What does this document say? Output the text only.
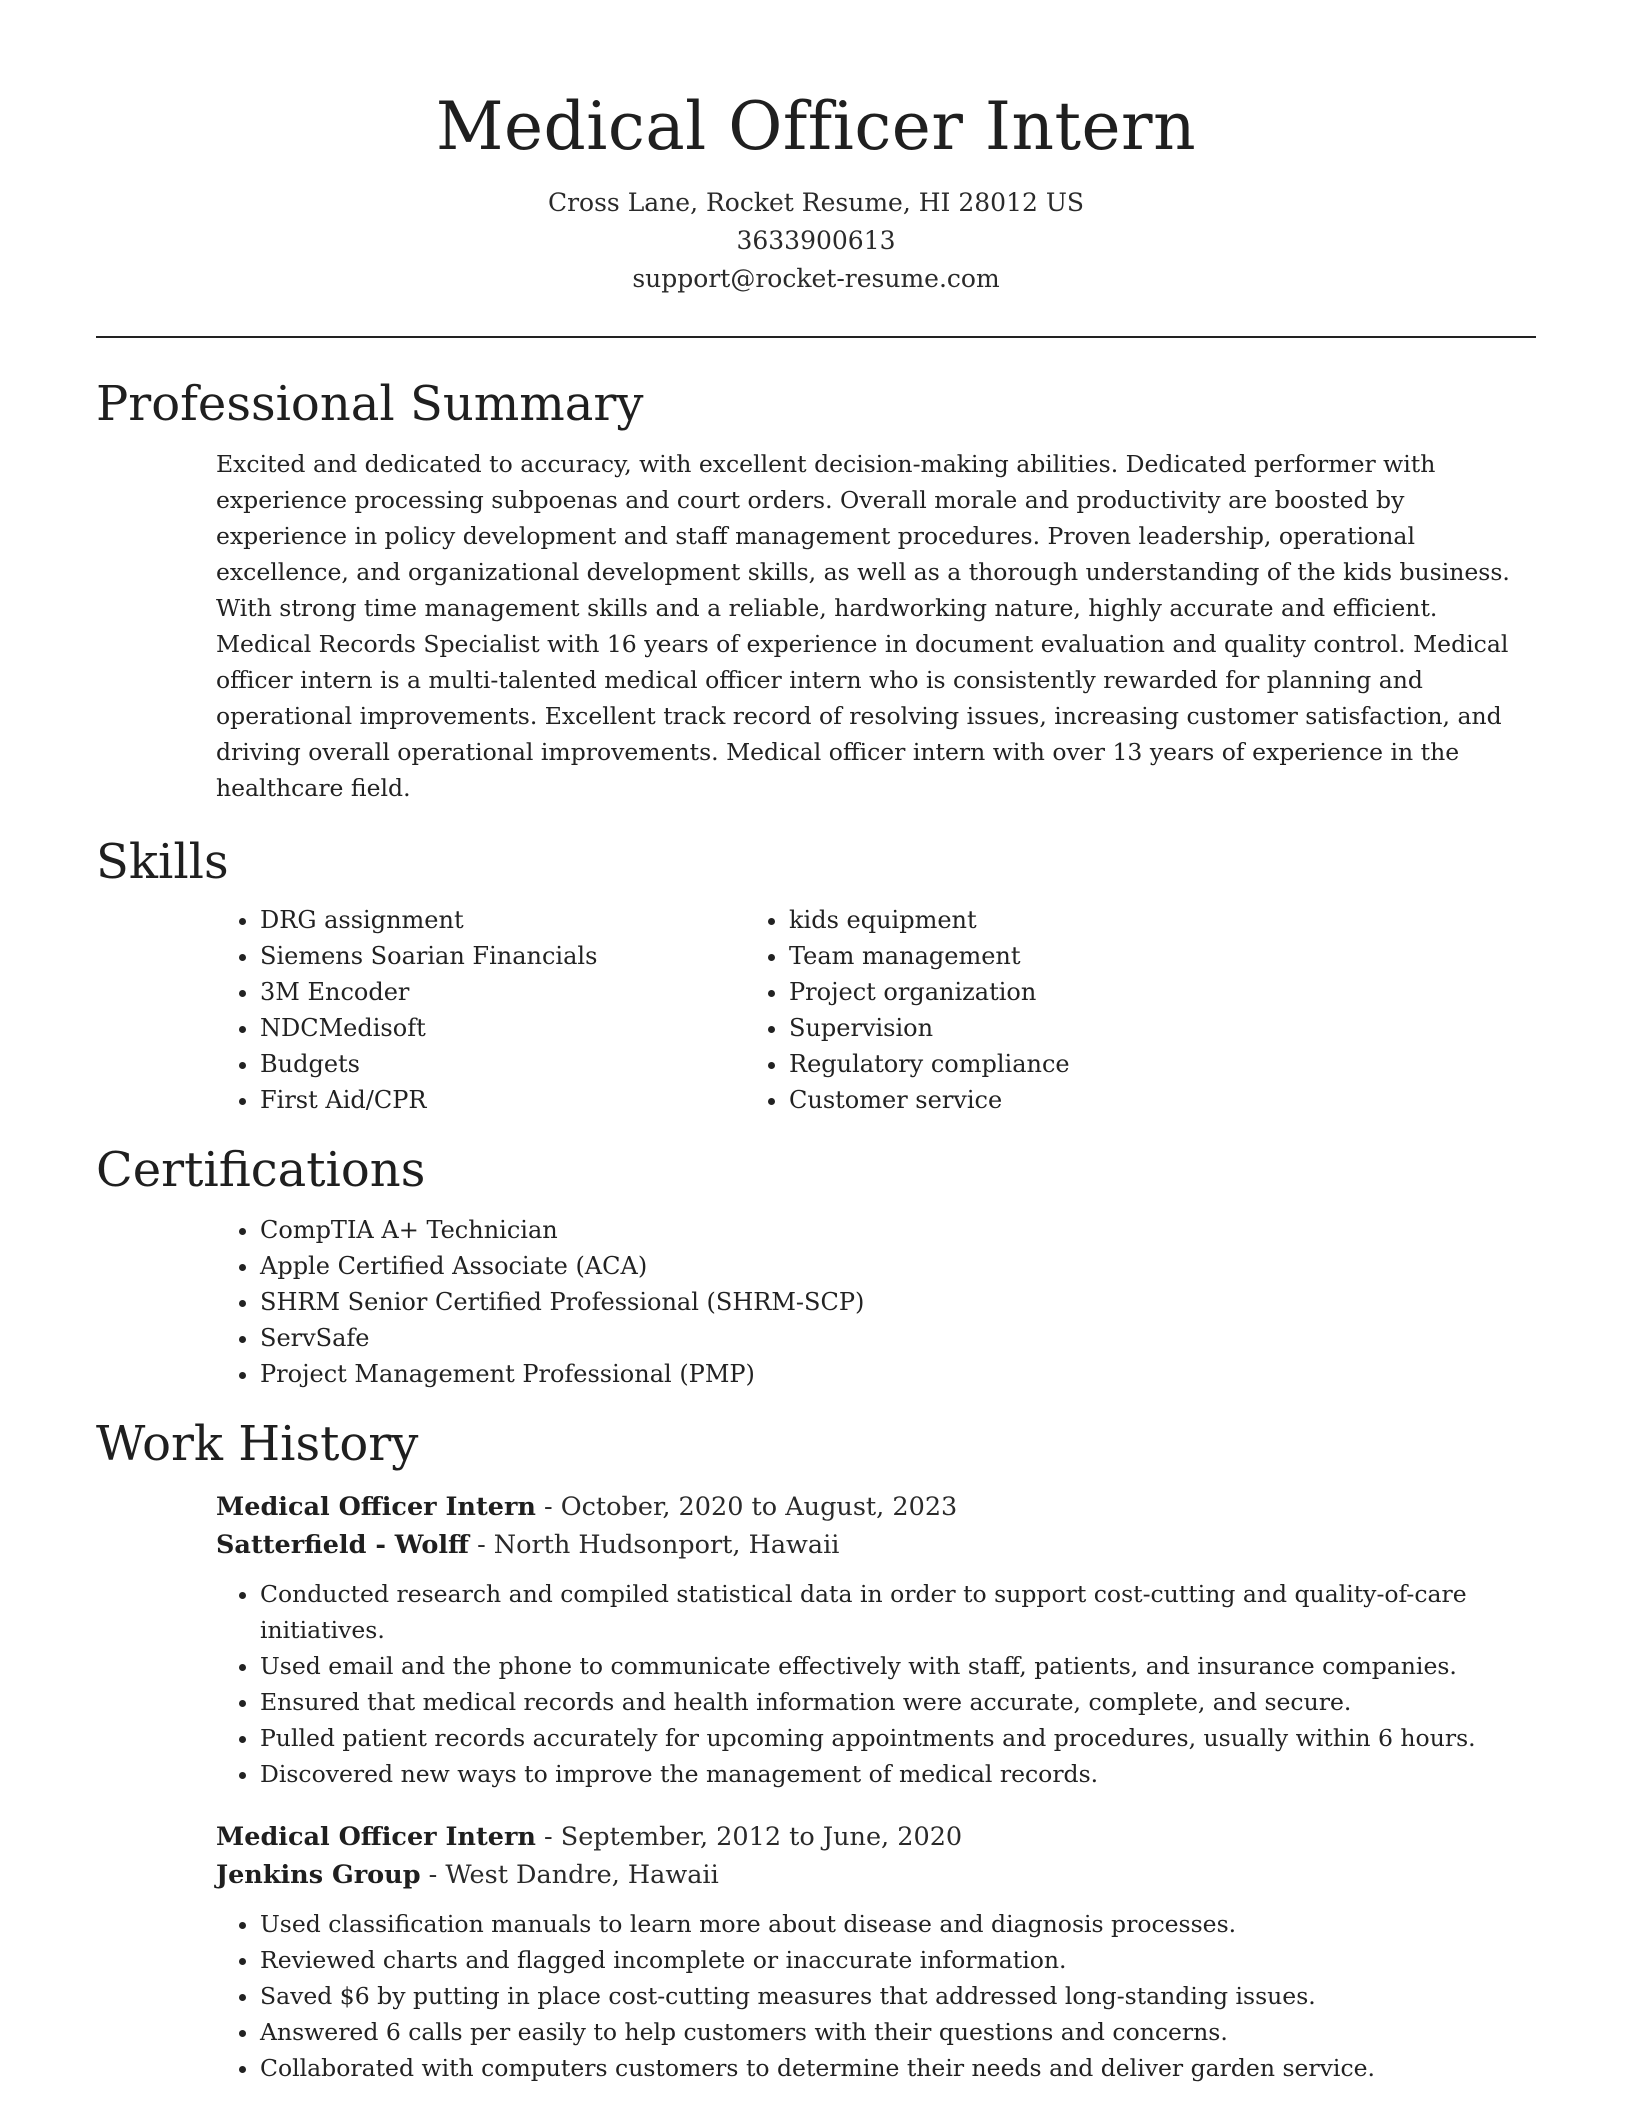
Medical Officer Intern
Cross Lane, Rocket Resume, HI 28012 US
3633900613
support@rocket-resume.com
Professional Summary

Excited and dedicated to accuracy, with excellent decision-making abilities. Dedicated performer with experience processing subpoenas and court orders. Overall morale and productivity are boosted by experience in policy development and staff management procedures. Proven leadership, operational excellence, and organizational development skills, as well as a thorough understanding of the kids business. With strong time management skills and a reliable, hardworking nature, highly accurate and efficient. Medical Records Specialist with 16 years of experience in document evaluation and quality control. Medical officer intern is a multi-talented medical officer intern who is consistently rewarded for planning and operational improvements. Excellent track record of resolving issues, increasing customer satisfaction, and driving overall operational improvements. Medical officer intern with over 13 years of experience in the healthcare field.

Skills
• DRG assignment
• Siemens Soarian Financials
• 3M Encoder
• NDCMedisoft
• Budgets
• First Aid/CPR
• kids equipment
• Team management
• Project organization
• Supervision
• Regulatory compliance
• Customer service
Certifications
• CompTIA A+ Technician
• Apple Certified Associate (ACA)
• SHRM Senior Certified Professional (SHRM-SCP)
• ServSafe
• Project Management Professional (PMP)
Work History
Medical Officer Intern - October, 2020 to August, 2023
Satterfield - Wolff - North Hudsonport, Hawaii
• Conducted research and compiled statistical data in order to support cost-cutting and quality-of-care initiatives.
• Used email and the phone to communicate effectively with staff, patients, and insurance companies.
• Ensured that medical records and health information were accurate, complete, and secure.
• Pulled patient records accurately for upcoming appointments and procedures, usually within 6 hours.
• Discovered new ways to improve the management of medical records.
Medical Officer Intern - September, 2012 to June, 2020
Jenkins Group - West Dandre, Hawaii
• Used classification manuals to learn more about disease and diagnosis processes.
• Reviewed charts and flagged incomplete or inaccurate information.
• Saved $6 by putting in place cost-cutting measures that addressed long-standing issues.
• Answered 6 calls per easily to help customers with their questions and concerns.
• Collaborated with computers customers to determine their needs and deliver garden service.
